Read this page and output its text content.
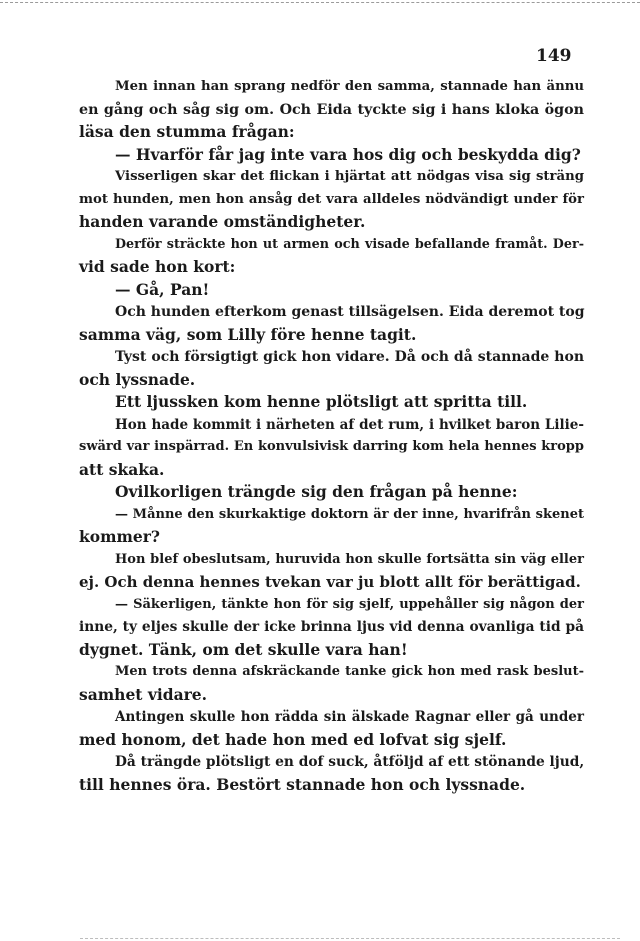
149
Men innan han sprang nedför den samma, stannade han ännu
en gång och såg sig om. Och Eida tyckte sig i hans kloka ögon
läsa den stumma frågan:
— Hvarför får jag inte vara hos dig och beskydda dig?
Visserligen skar det flickan i hjärtat att nödgas visa sig sträng
mot hunden, men hon ansåg det vara alldeles nödvändigt under för
handen varande omständigheter.
Derför sträckte hon ut armen och visade befallande framåt. Der-
vid sade hon kort:
— Gå, Pan!
Och hunden efterkom genast tillsägelsen. Eida deremot tog
samma väg, som Lilly före henne tagit.
Tyst och försigtigt gick hon vidare. Då och då stannade hon
och lyssnade.
Ett ljussken kom henne plötsligt att spritta till.
Hon hade kommit i närheten af det rum, i hvilket baron Lilie-
swärd var inspärrad. En konvulsivisk darring kom hela hennes kropp
att skaka.
Ovilkorligen trängde sig den frågan på henne:
— Månne den skurkaktige doktorn är der inne, hvarifrån skenet
kommer?
Hon blef obeslutsam, huruvida hon skulle fortsätta sin väg eller
ej. Och denna hennes tvekan var ju blott allt för berättigad.
— Säkerligen, tänkte hon för sig sjelf, uppehåller sig någon der
inne, ty eljes skulle der icke brinna ljus vid denna ovanliga tid på
dygnet. Tänk, om det skulle vara han!
Men trots denna afskräckande tanke gick hon med rask beslut-
samhet vidare.
Antingen skulle hon rädda sin älskade Ragnar eller gå under
med honom, det hade hon med ed lofvat sig sjelf.
Då trängde plötsligt en dof suck, åtföljd af ett stönande ljud,
till hennes öra. Bestört stannade hon och lyssnade.
